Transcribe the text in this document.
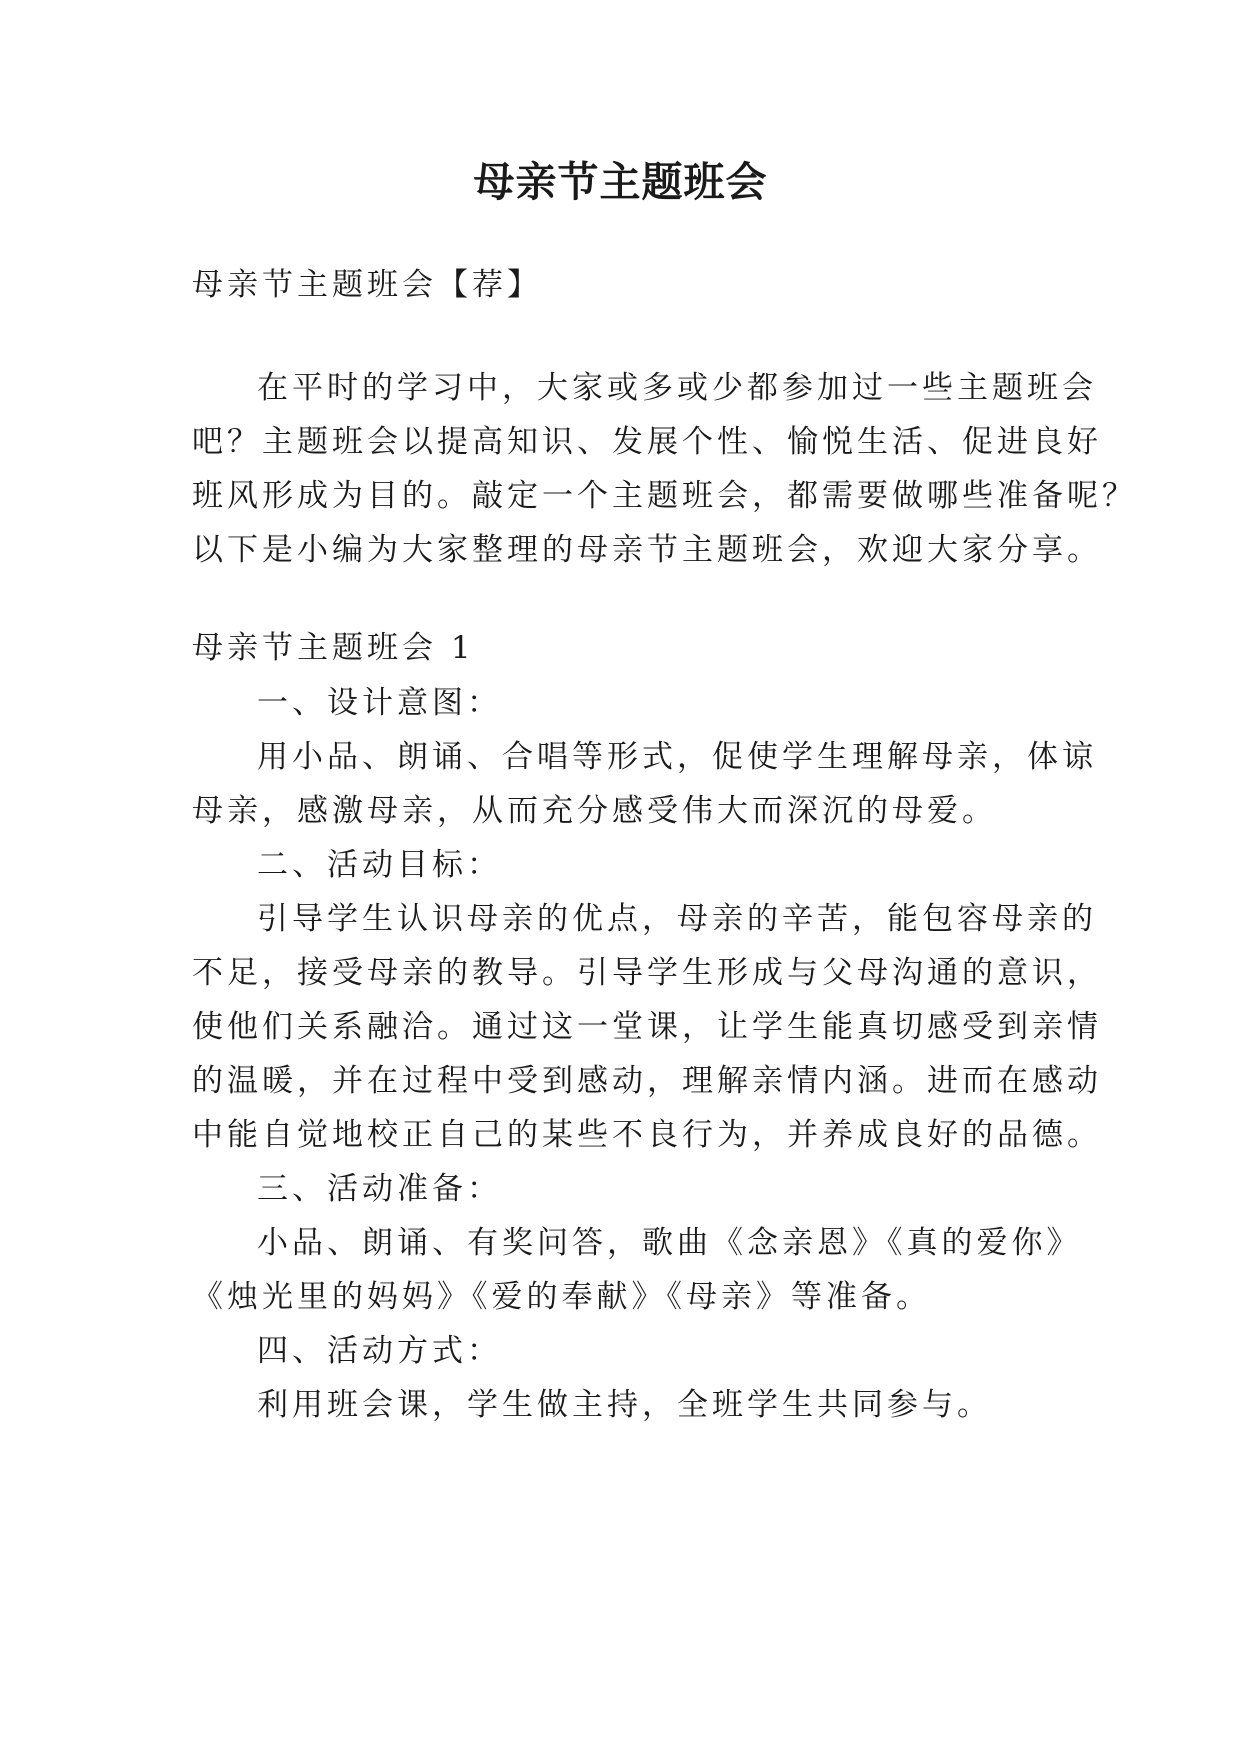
母亲节主题班会
母亲节主题班会【荐】
在平时的学习中，大家或多或少都参加过一些主题班会
吧？主题班会以提高知识、发展个性、愉悦生活、促进良好
班风形成为目的。敲定一个主题班会，都需要做哪些准备呢？
以下是小编为大家整理的母亲节主题班会，欢迎大家分享。
母亲节主题班会 1
一、设计意图：
用小品、朗诵、合唱等形式，促使学生理解母亲，体谅
母亲，感激母亲，从而充分感受伟大而深沉的母爱。
二、活动目标：
引导学生认识母亲的优点，母亲的辛苦，能包容母亲的
不足，接受母亲的教导。引导学生形成与父母沟通的意识，
使他们关系融洽。通过这一堂课，让学生能真切感受到亲情
的温暖，并在过程中受到感动，理解亲情内涵。进而在感动
中能自觉地校正自己的某些不良行为，并养成良好的品德。
三、活动准备：
小品、朗诵、有奖问答，歌曲《念亲恩》《真的爱你》
《烛光里的妈妈》《爱的奉献》《母亲》等准备。
四、活动方式：
利用班会课，学生做主持，全班学生共同参与。
